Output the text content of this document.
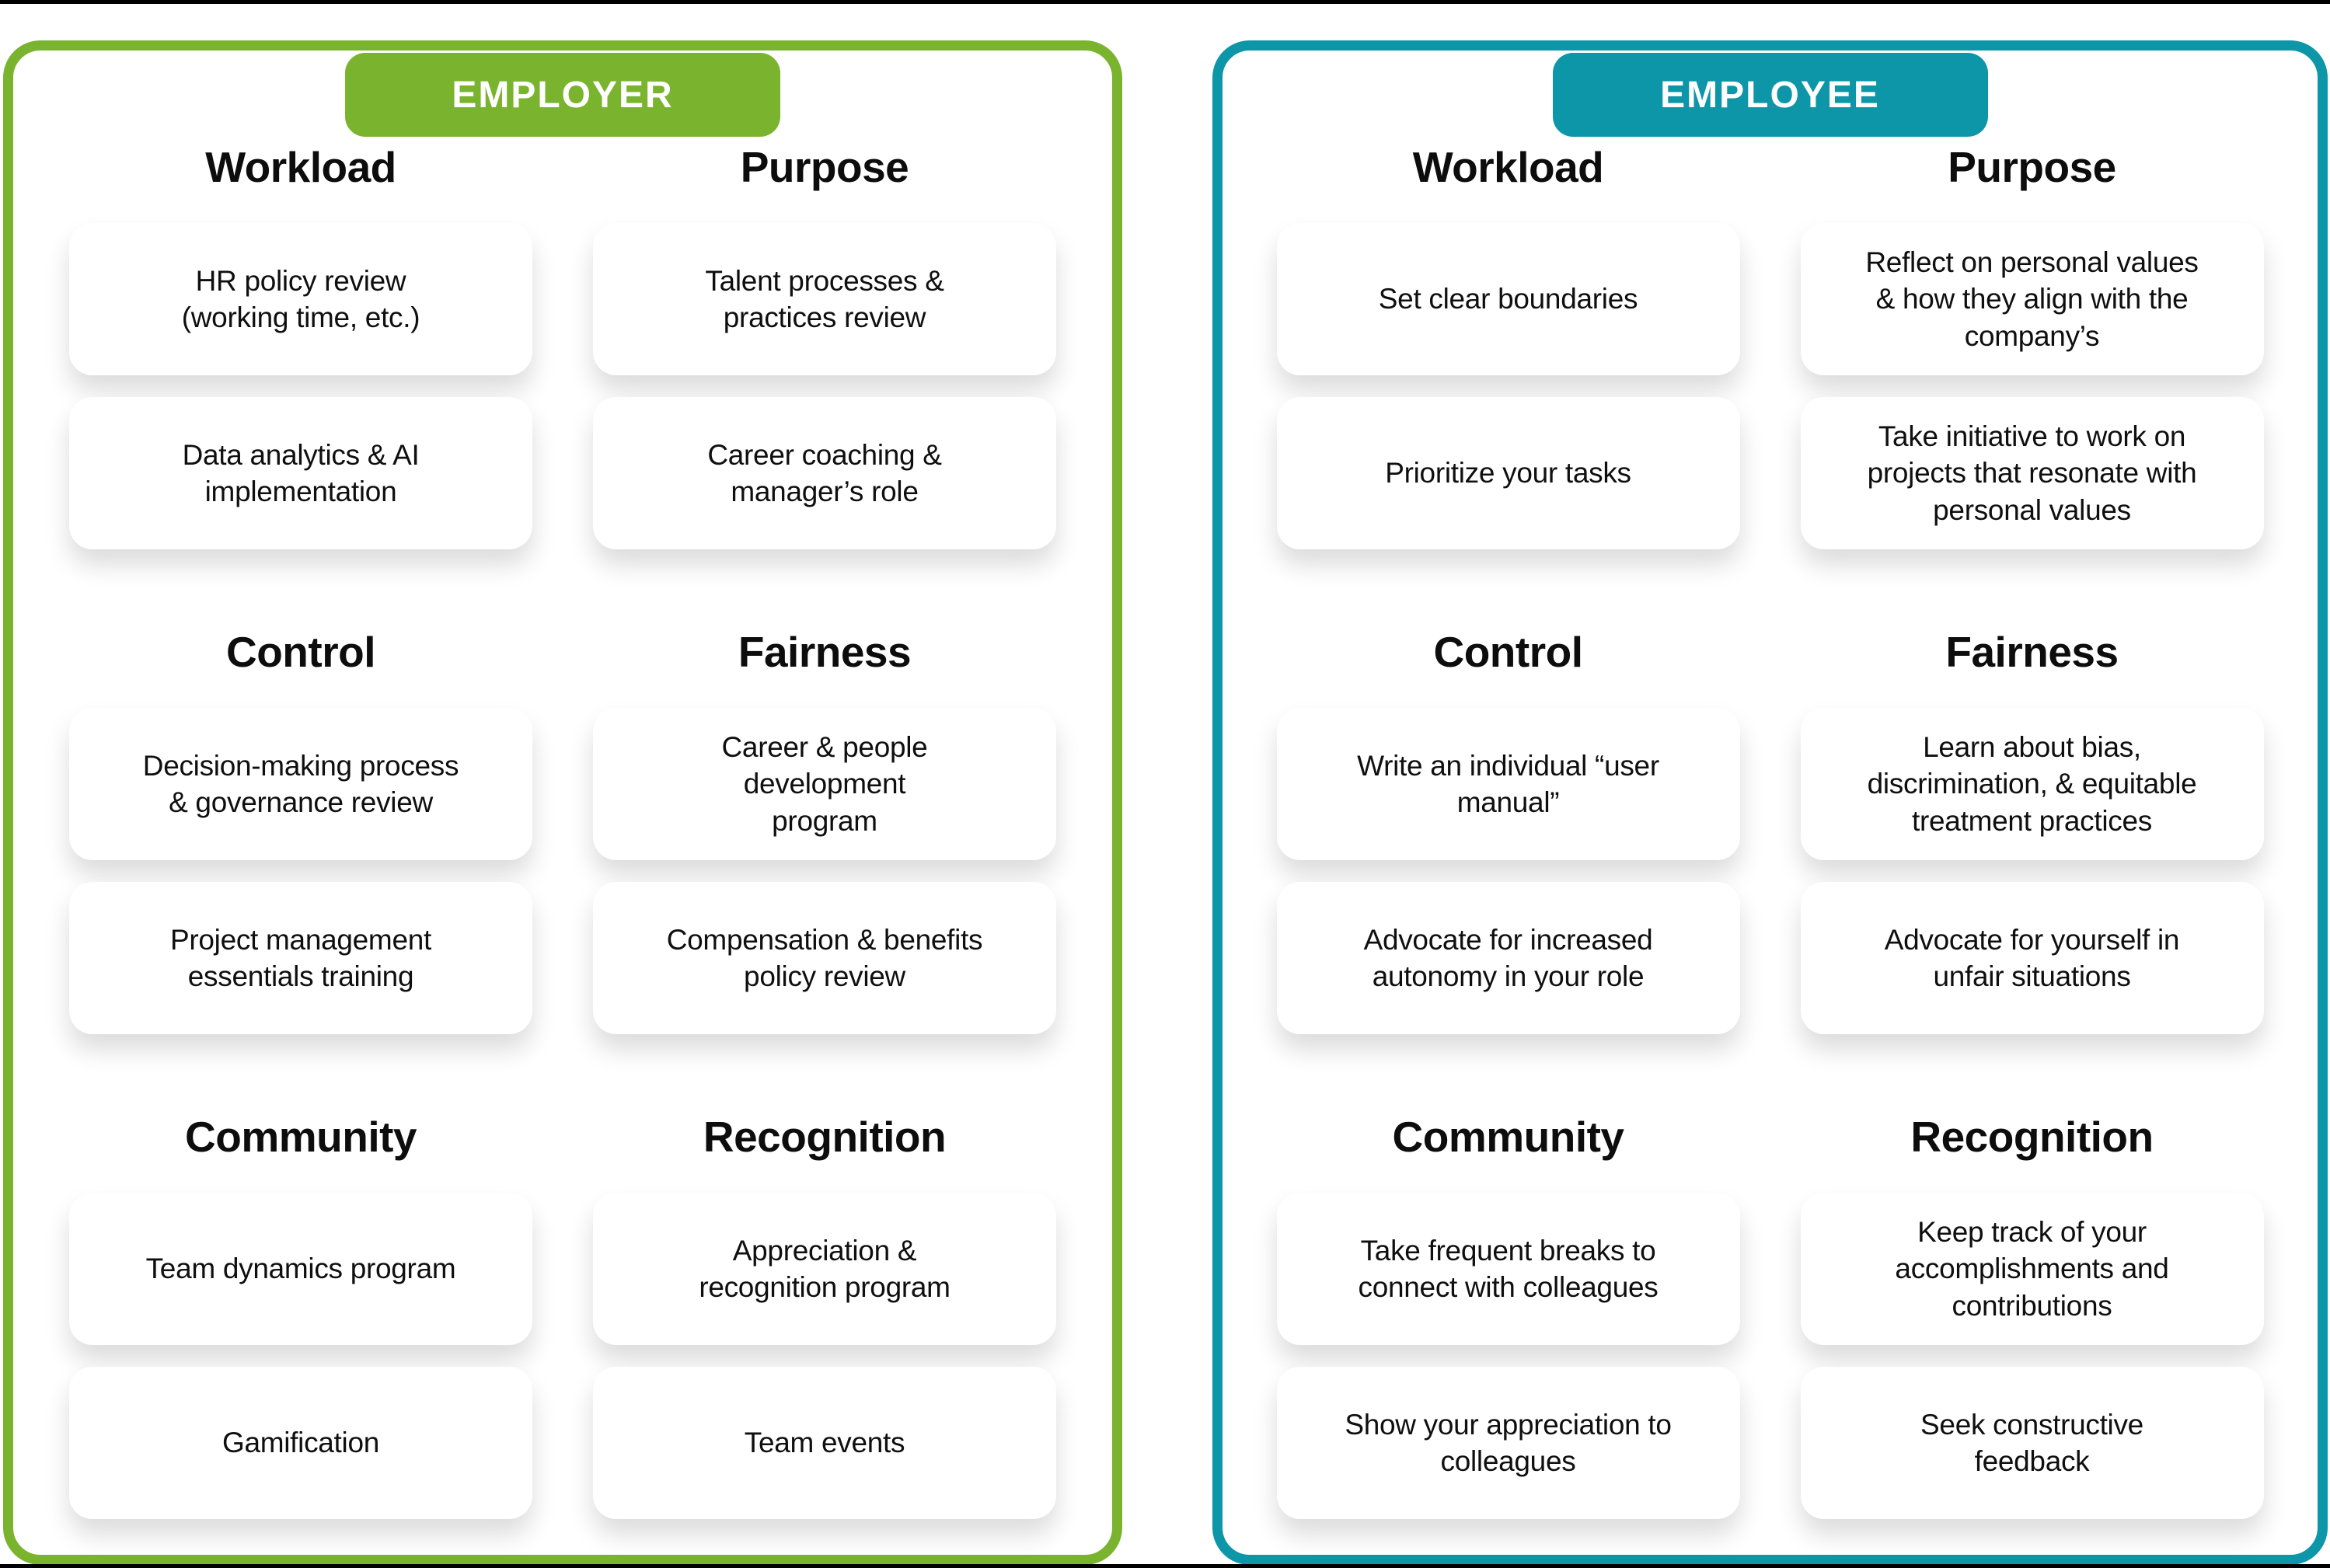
Workload
HR policy review (working time, etc.)
Data analytics & AI implementation
Purpose
Talent processes & practices review
Career coaching & manager’s role
Control
Decision-making process & governance review
Project management essentials training
Fairness
Career & people development program
Compensation & benefits policy review
Community
Team dynamics program
Gamification
Recognition
Appreciation & recognition program
Team events
EMPLOYER
Workload
Set clear boundaries
Prioritize your tasks
Purpose
Reflect on personal values & how they align with the company’s
Take initiative to work on projects that resonate with personal values
Control
Write an individual “user manual”
Advocate for increased autonomy in your role
Fairness
Learn about bias, discrimination, & equitable treatment practices
Advocate for yourself in unfair situations
Community
Take frequent breaks to connect with colleagues
Show your appreciation to colleagues
Recognition
Keep track of your accomplishments and contributions
Seek constructive feedback
EMPLOYEE
